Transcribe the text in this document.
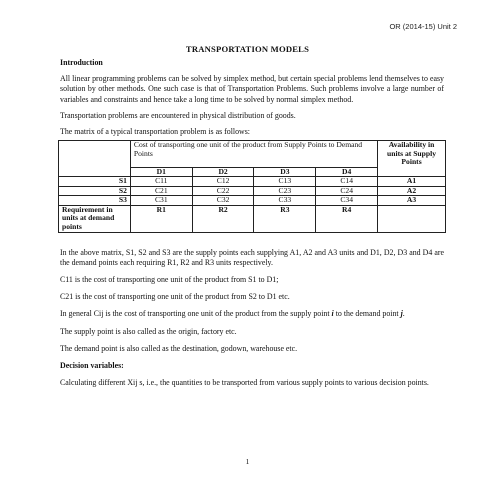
OR (2014-15) Unit 2
TRANSPORTATION MODELS

Introduction

All linear programming problems can be solved by simplex method, but certain special problems lend themselves to easy solution by other methods. One such case is that of Transportation Problems. Such problems involve a large number of variables and constraints and hence take a long time to be solved by normal simplex method.

Transportation problems are encountered in physical distribution of goods.

The matrix of a typical transportation problem is as follows:

	Cost of transporting one unit of the product from Supply Points to Demand Points				Availability in units at Supply Points
	D1	D2	D3	D4	
S1	C11	C12	C13	C14	A1
S2	C21	C22	C23	C24	A2
S3	C31	C32	C33	C34	A3
Requirement in units at demand points	R1	R2	R3	R4	

In the above matrix, S1, S2 and S3 are the supply points each supplying A1, A2 and A3 units and D1, D2, D3 and D4 are the demand points each requiring R1, R2 and R3 units respectively.

C11 is the cost of transporting one unit of the product from S1 to D1;

C21 is the cost of transporting one unit of the product from S2 to D1 etc.

In general Cij is the cost of transporting one unit of the product from the supply point i to the demand point j.

The supply point is also called as the origin, factory etc.

The demand point is also called as the destination, godown, warehouse etc.

Decision variables:

Calculating different Xij s, i.e., the quantities to be transported from various supply points to various decision points.

1
